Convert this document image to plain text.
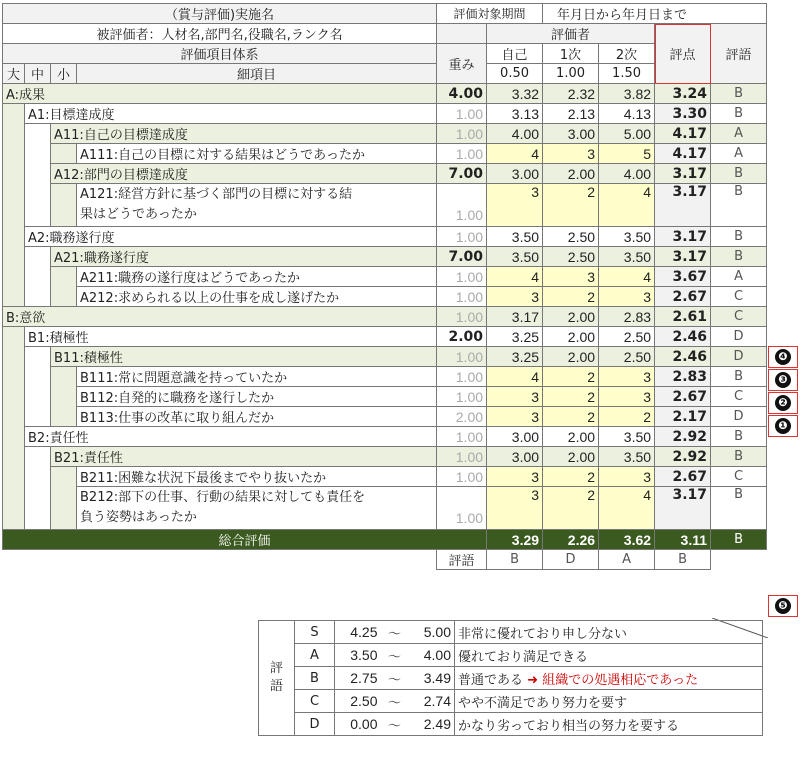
（賞与評価)実施名				評価対象期間		年月日から年月日まで			
被評価者：人材名,部門名,役職名,ランク名					評価者			評点	評語
評価項目体系				重み	自己	1次	2次		
大	中	小	細項目		0.50	1.00	1.50		
A:成果				4.00	3.32	2.32	3.82	3.24	B
	A1:目標達成度			1.00	3.13	2.13	4.13	3.30	B
		A11:自己の目標達成度		1.00	4.00	3.00	5.00	4.17	A
			A111:自己の目標に対する結果はどうであったか	1.00	4	3	5	4.17	A
		A12:部門の目標達成度		7.00	3.00	2.00	4.00	3.17	B
			A121:経営方針に基づく部門の目標に対する結
果はどうであったか	1.00	3	2	4	3.17	B
	A2:職務遂行度			1.00	3.50	2.50	3.50	3.17	B
		A21:職務遂行度		7.00	3.50	2.50	3.50	3.17	B
			A211:職務の遂行度はどうであったか	1.00	4	3	4	3.67	A
			A212:求められる以上の仕事を成し遂げたか	1.00	3	2	3	2.67	C
B:意欲				1.00	3.17	2.00	2.83	2.61	C
	B1:積極性			2.00	3.25	2.00	2.50	2.46	D
		B11:積極性		1.00	3.25	2.00	2.50	2.46	D
			B111:常に問題意識を持っていたか	1.00	4	2	3	2.83	B
			B112:自発的に職務を遂行したか	1.00	3	2	3	2.67	C
			B113:仕事の改革に取り組んだか	2.00	3	2	2	2.17	D
	B2:責任性			1.00	3.00	2.00	3.50	2.92	B
		B21:責任性		1.00	3.00	2.00	3.50	2.92	B
			B211:困難な状況下最後までやり抜いたか	1.00	3	2	3	2.67	C
			B212:部下の仕事、行動の結果に対しても責任を
負う姿勢はあったか	1.00	3	2	4	3.17	B
総合評価					3.29	2.26	3.62	3.11	B
				評語	B	D	A	B	
❹
❸
❷
❶
❺
評語	S	4.25	～	5.00	非常に優れており申し分ない
	A	3.50	～	4.00	優れており満足できる
	B	2.75	～	3.49	普通である ➜ 組織での処遇相応であった
	C	2.50	～	2.74	やや不満足であり努力を要す
	D	0.00	～	2.49	かなり劣っており相当の努力を要する
